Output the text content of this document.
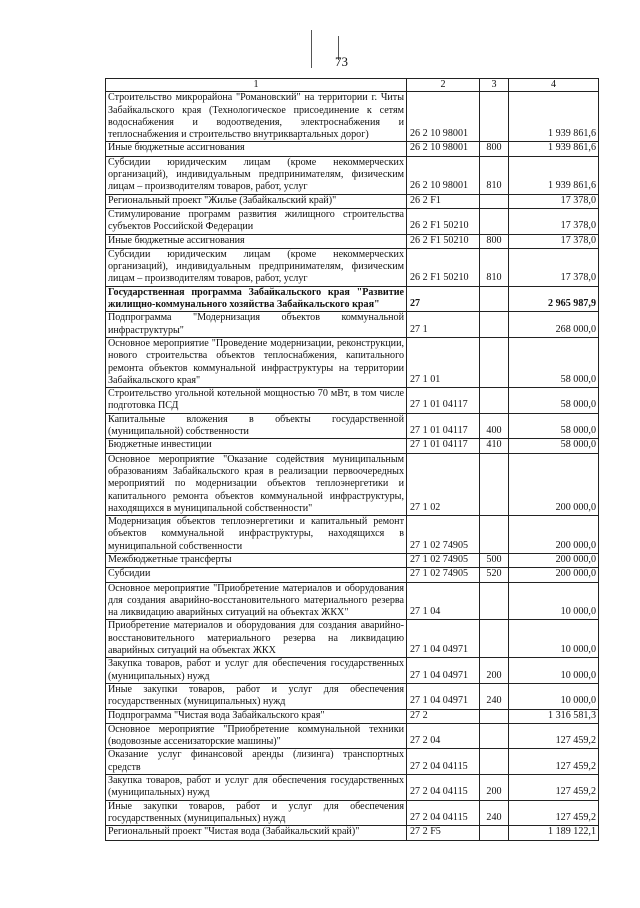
73
1	2	3	4
Строительство микрорайона "Романовский" на территории г. Читы Забайкальского края (Технологическое присоединение к сетям водоснабжения и водоотведения, электроснабжения и теплоснабжения и строительство внутриквартальных дорог)	26 2 10 98001		1 939 861,6
Иные бюджетные ассигнования	26 2 10 98001	800	1 939 861,6
Субсидии юридическим лицам (кроме некоммерческих организаций), индивидуальным предпринимателям, физическим лицам – производителям товаров, работ, услуг	26 2 10 98001	810	1 939 861,6
Региональный проект "Жилье (Забайкальский край)"	26 2 F1		17 378,0
Стимулирование программ развития жилищного строительства субъектов Российской Федерации	26 2 F1 50210		17 378,0
Иные бюджетные ассигнования	26 2 F1 50210	800	17 378,0
Субсидии юридическим лицам (кроме некоммерческих организаций), индивидуальным предпринимателям, физическим лицам – производителям товаров, работ, услуг	26 2 F1 50210	810	17 378,0
Государственная программа Забайкальского края "Развитие жилищно-коммунального хозяйства Забайкальского края"	27		2 965 987,9
Подпрограмма "Модернизация объектов коммунальной инфраструктуры"	27 1		268 000,0
Основное мероприятие "Проведение модернизации, реконструкции, нового строительства объектов теплоснабжения, капитального ремонта объектов коммунальной инфраструктуры на территории Забайкальского края"	27 1 01		58 000,0
Строительство угольной котельной мощностью 70 мВт, в том числе подготовка ПСД	27 1 01 04117		58 000,0
Капитальные вложения в объекты государственной (муниципальной) собственности	27 1 01 04117	400	58 000,0
Бюджетные инвестиции	27 1 01 04117	410	58 000,0
Основное мероприятие "Оказание содействия муниципальным образованиям Забайкальского края в реализации первоочередных мероприятий по модернизации объектов теплоэнергетики и капитального ремонта объектов коммунальной инфраструктуры, находящихся в муниципальной собственности"	27 1 02		200 000,0
Модернизация объектов теплоэнергетики и капитальный ремонт объектов коммунальной инфраструктуры, находящихся в муниципальной собственности	27 1 02 74905		200 000,0
Межбюджетные трансферты	27 1 02 74905	500	200 000,0
Субсидии	27 1 02 74905	520	200 000,0
Основное мероприятие "Приобретение материалов и оборудования для создания аварийно-восстановительного материального резерва на ликвидацию аварийных ситуаций на объектах ЖКХ"	27 1 04		10 000,0
Приобретение материалов и оборудования для создания аварийно-восстановительного материального резерва на ликвидацию аварийных ситуаций на объектах ЖКХ	27 1 04 04971		10 000,0
Закупка товаров, работ и услуг для обеспечения государственных (муниципальных) нужд	27 1 04 04971	200	10 000,0
Иные закупки товаров, работ и услуг для обеспечения государственных (муниципальных) нужд	27 1 04 04971	240	10 000,0
Подпрограмма "Чистая вода Забайкальского края"	27 2		1 316 581,3
Основное мероприятие "Приобретение коммунальной техники (водовозные ассенизаторские машины)"	27 2 04		127 459,2
Оказание услуг финансовой аренды (лизинга) транспортных средств	27 2 04 04115		127 459,2
Закупка товаров, работ и услуг для обеспечения государственных (муниципальных) нужд	27 2 04 04115	200	127 459,2
Иные закупки товаров, работ и услуг для обеспечения государственных (муниципальных) нужд	27 2 04 04115	240	127 459,2
Региональный проект "Чистая вода (Забайкальский край)"	27 2 F5		1 189 122,1
